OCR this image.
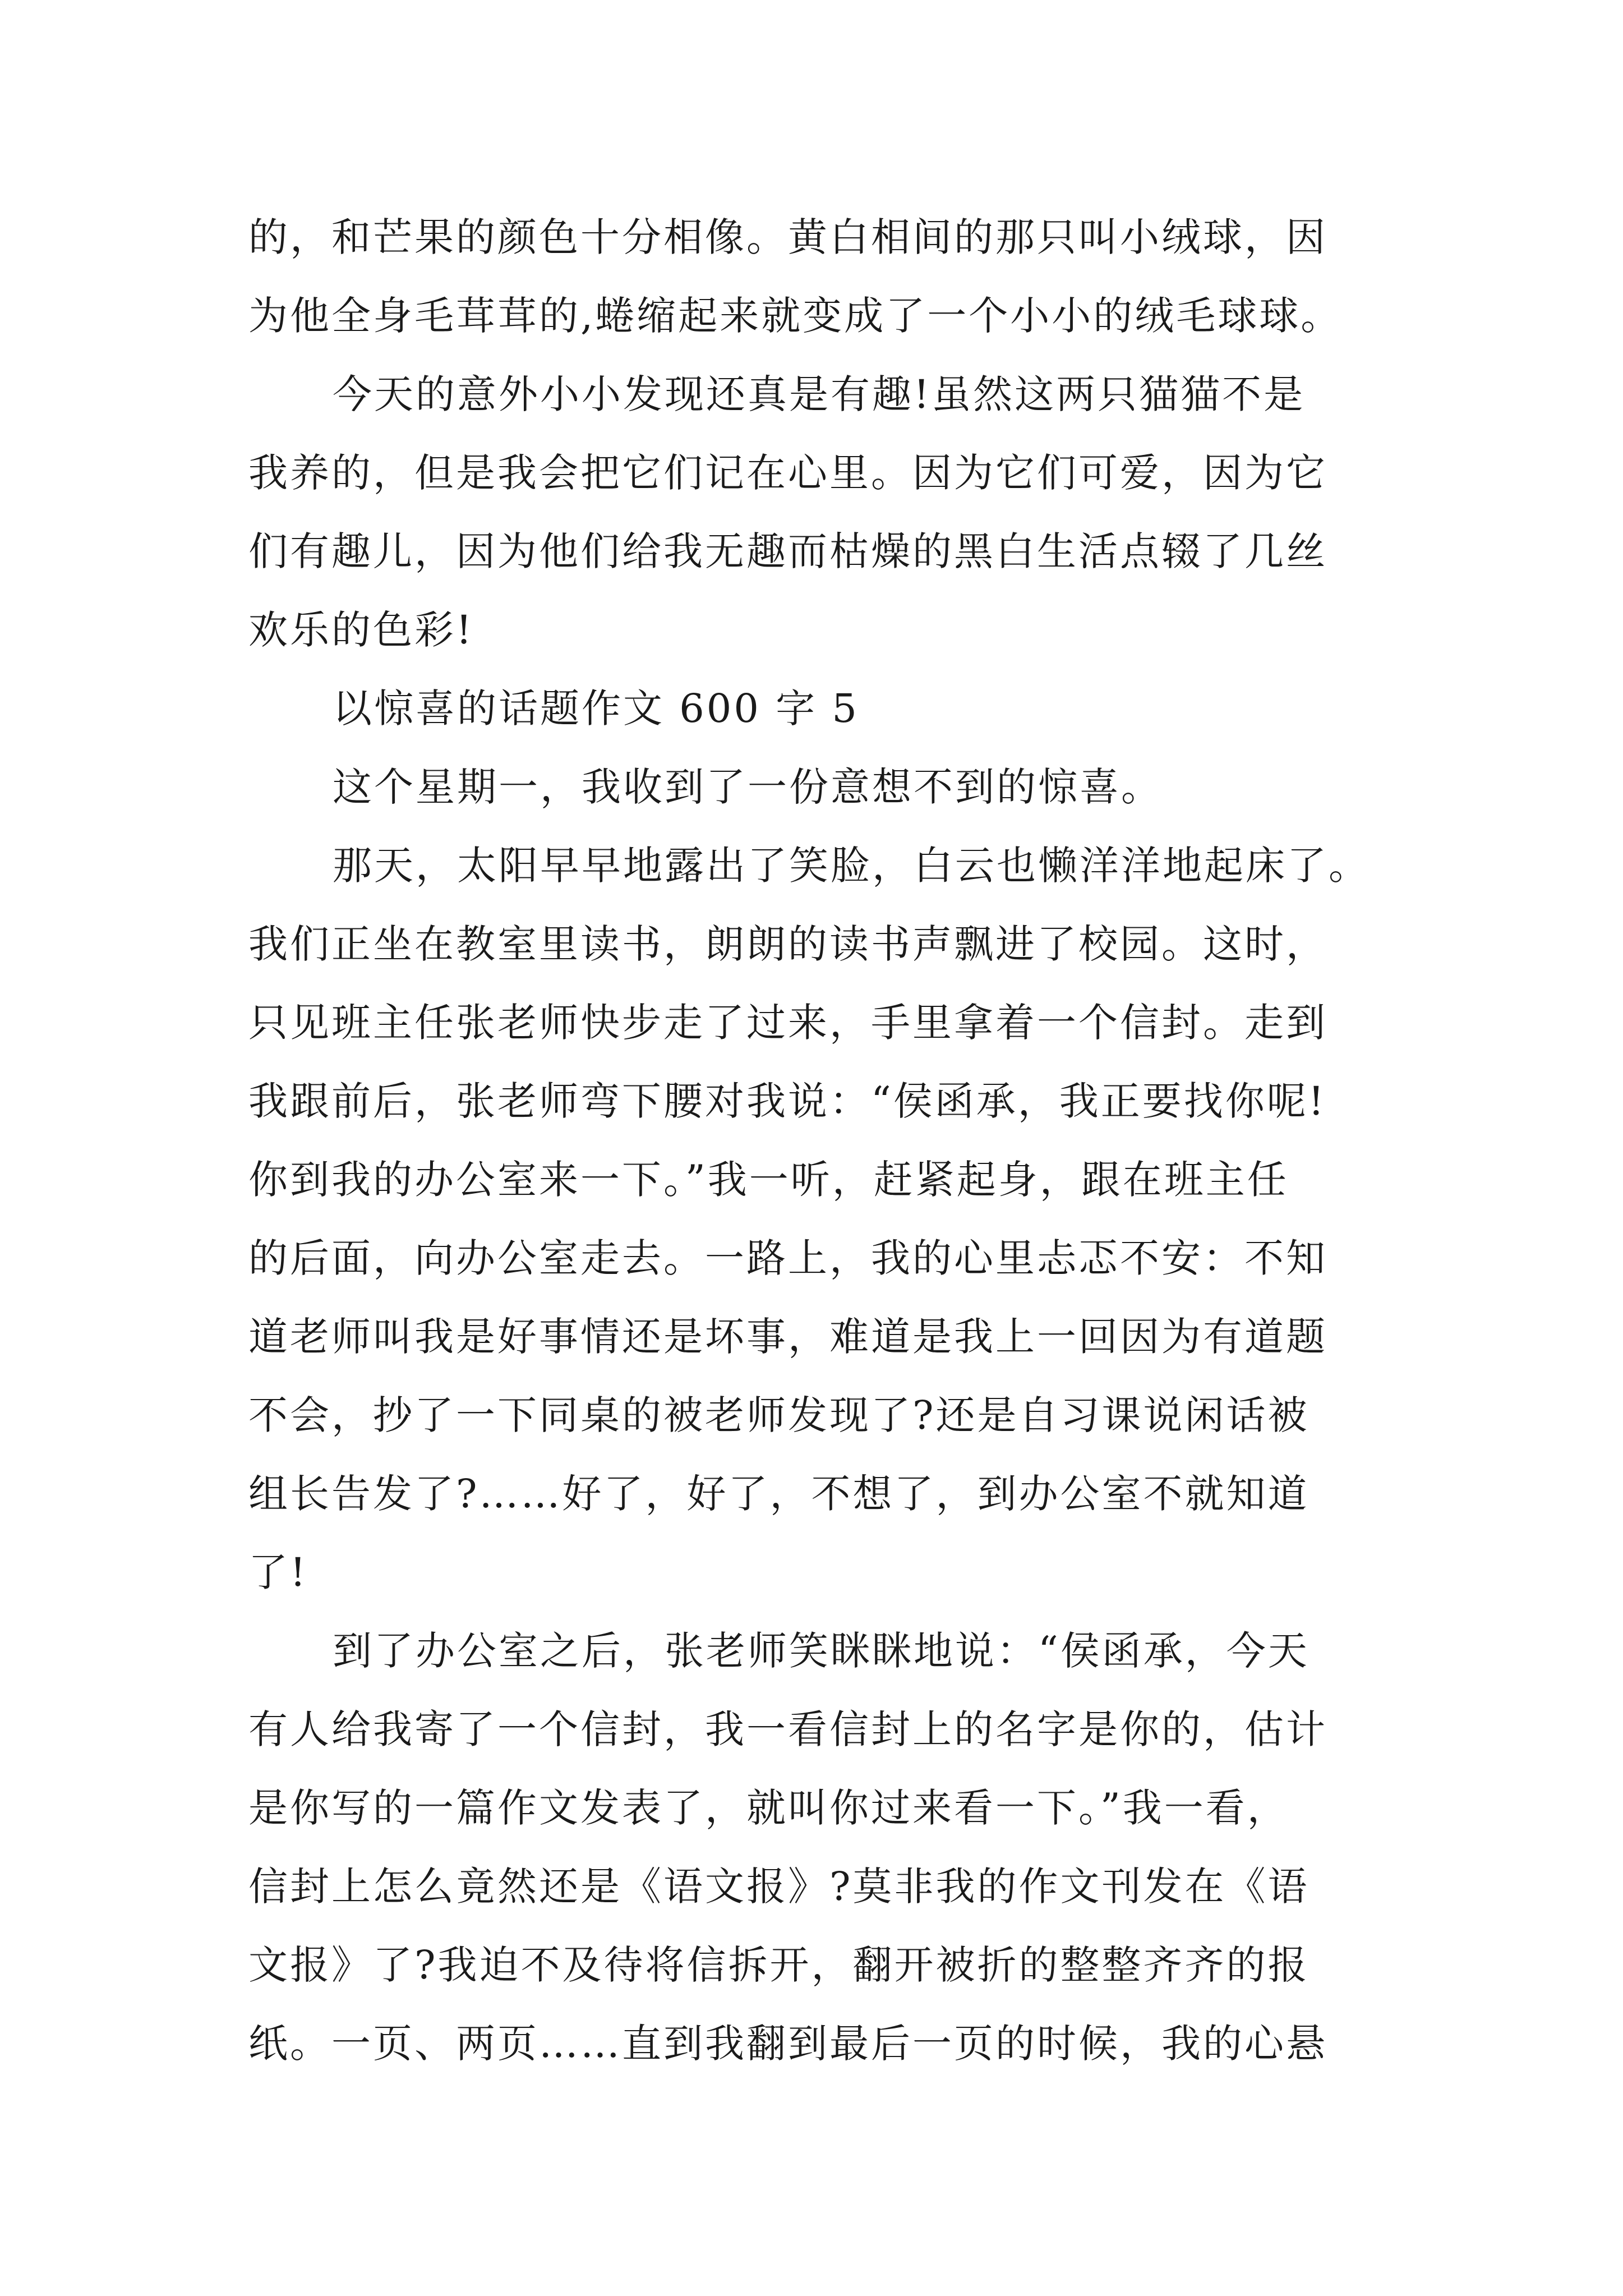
的，和芒果的颜色十分相像。黄白相间的那只叫小绒球，因
为他全身毛茸茸的,蜷缩起来就变成了一个小小的绒毛球球。
今天的意外小小发现还真是有趣!虽然这两只猫猫不是
我养的，但是我会把它们记在心里。因为它们可爱，因为它
们有趣儿，因为他们给我无趣而枯燥的黑白生活点辍了几丝
欢乐的色彩!
以惊喜的话题作文 600 字 5
这个星期一，我收到了一份意想不到的惊喜。
那天，太阳早早地露出了笑脸，白云也懒洋洋地起床了。
我们正坐在教室里读书，朗朗的读书声飘进了校园。这时，
只见班主任张老师快步走了过来，手里拿着一个信封。走到
我跟前后，张老师弯下腰对我说：“侯函承，我正要找你呢!
你到我的办公室来一下。”我一听，赶紧起身，跟在班主任
的后面，向办公室走去。一路上，我的心里忐忑不安：不知
道老师叫我是好事情还是坏事，难道是我上一回因为有道题
不会，抄了一下同桌的被老师发现了?还是自习课说闲话被
组长告发了?……好了，好了，不想了，到办公室不就知道
了!
到了办公室之后，张老师笑眯眯地说：“侯函承，今天
有人给我寄了一个信封，我一看信封上的名字是你的，估计
是你写的一篇作文发表了，就叫你过来看一下。”我一看，
信封上怎么竟然还是《语文报》?莫非我的作文刊发在《语
文报》了?我迫不及待将信拆开，翻开被折的整整齐齐的报
纸。一页、两页……直到我翻到最后一页的时候，我的心悬
